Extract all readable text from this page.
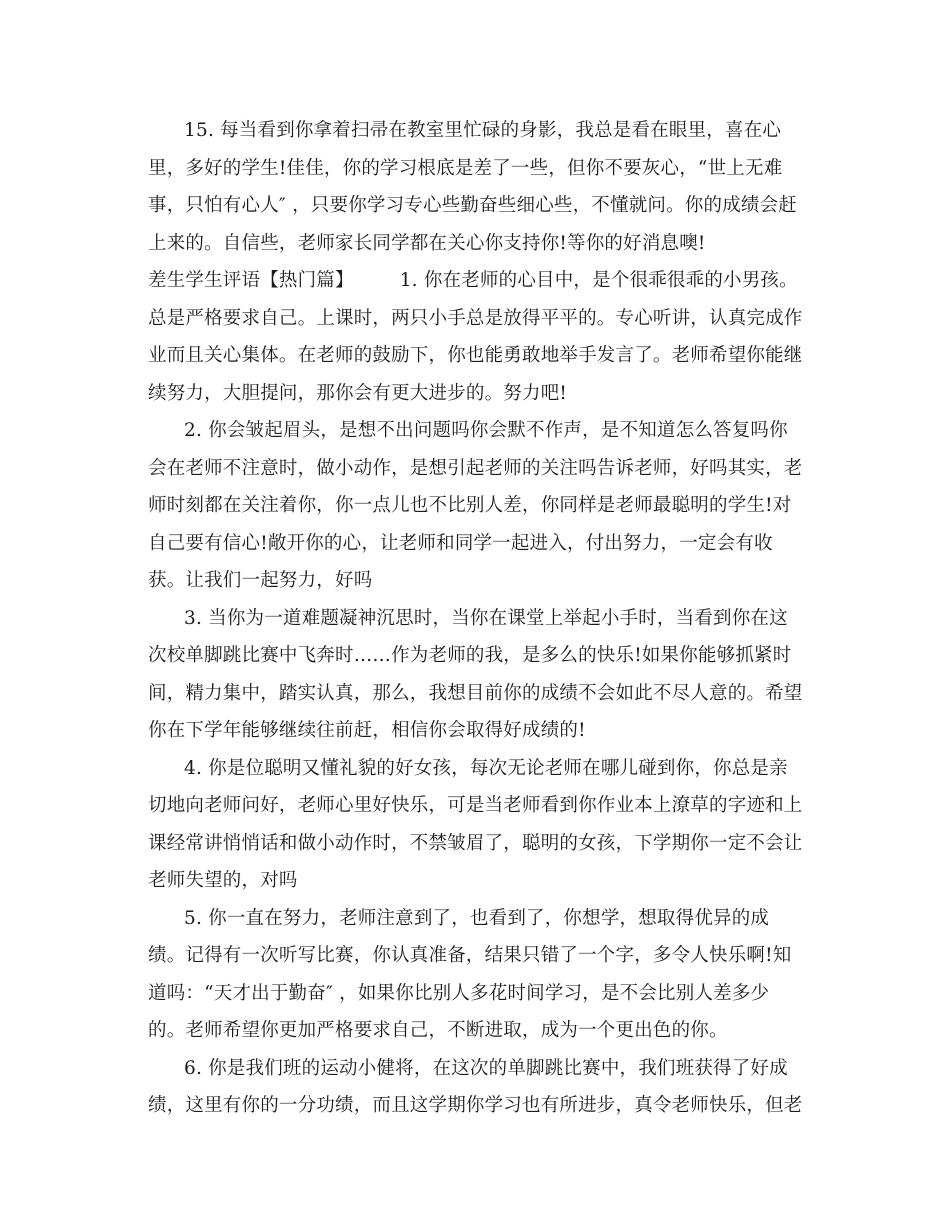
15. 每当看到你拿着扫帚在教室里忙碌的身影，我总是看在眼里，喜在心
里，多好的学生!佳佳，你的学习根底是差了一些，但你不要灰心，“世上无难
事，只怕有心人″ ，只要你学习专心些勤奋些细心些，不懂就问。你的成绩会赶
上来的。自信些，老师家长同学都在关心你支持你!等你的好消息噢!
差生学生评语【热门篇】 1. 你在老师的心目中，是个很乖很乖的小男孩。
总是严格要求自己。上课时，两只小手总是放得平平的。专心听讲，认真完成作
业而且关心集体。在老师的鼓励下，你也能勇敢地举手发言了。老师希望你能继
续努力，大胆提问，那你会有更大进步的。努力吧!
2. 你会皱起眉头，是想不出问题吗你会默不作声，是不知道怎么答复吗你
会在老师不注意时，做小动作，是想引起老师的关注吗告诉老师，好吗其实，老
师时刻都在关注着你，你一点儿也不比别人差，你同样是老师最聪明的学生!对
自己要有信心!敞开你的心，让老师和同学一起进入，付出努力，一定会有收
获。让我们一起努力，好吗
3. 当你为一道难题凝神沉思时，当你在课堂上举起小手时，当看到你在这
次校单脚跳比赛中飞奔时……作为老师的我，是多么的快乐!如果你能够抓紧时
间，精力集中，踏实认真，那么，我想目前你的成绩不会如此不尽人意的。希望
你在下学年能够继续往前赶，相信你会取得好成绩的!
4. 你是位聪明又懂礼貌的好女孩，每次无论老师在哪儿碰到你，你总是亲
切地向老师问好，老师心里好快乐，可是当老师看到你作业本上潦草的字迹和上
课经常讲悄悄话和做小动作时，不禁皱眉了，聪明的女孩，下学期你一定不会让
老师失望的，对吗
5. 你一直在努力，老师注意到了，也看到了，你想学，想取得优异的成
绩。记得有一次听写比赛，你认真准备，结果只错了一个字，多令人快乐啊!知
道吗：“天才出于勤奋″ ，如果你比别人多花时间学习，是不会比别人差多少
的。老师希望你更加严格要求自己，不断进取，成为一个更出色的你。
6. 你是我们班的运动小健将，在这次的单脚跳比赛中，我们班获得了好成
绩，这里有你的一分功绩，而且这学期你学习也有所进步，真令老师快乐，但老
